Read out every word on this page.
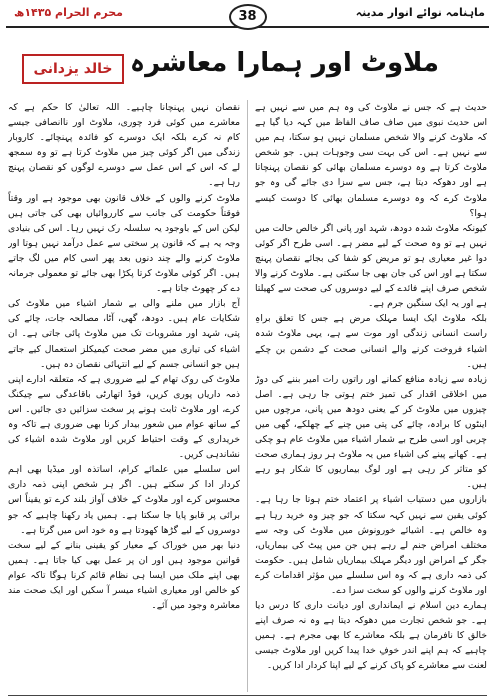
ماہنامہ نوائے انوار مدینہ
38
محرم الحرام ۱۴۳۵ھ
ملاوٹ اور ہمارا معاشرہ
خالد یزدانی

حدیث ہے کہ جس نے ملاوٹ کی وہ ہم میں سے نہیں ہے اس حدیث نبوی میں صاف صاف الفاظ میں کہہ دیا گیا ہے کہ ملاوٹ کرنے والا شخص مسلمان نہیں ہو سکتا، ہم میں سے نہیں ہے۔ اس کی بہت سی وجوہات ہیں۔ جو شخص ملاوٹ کرتا ہے وہ دوسرے مسلمان بھائی کو نقصان پہنچاتا ہے اور دھوکہ دیتا ہے، جس سے سزا دی جائے گی وہ جو ملاوٹ کرے کہ وہ دوسرے مسلمان بھائی کا دوست کیسے ہوا؟

کیونکہ ملاوٹ شدہ دودھ، شہد اور پانی اگر خالص حالت میں نہیں ہے تو وہ صحت کے لیے مضر ہے۔ اسی طرح اگر کوئی دوا غیر معیاری ہو تو مریض کو شفا کی بجائے نقصان پہنچ سکتا ہے اور اس کی جان بھی جا سکتی ہے۔ ملاوٹ کرنے والا شخص صرف اپنے فائدے کے لیے دوسروں کی صحت سے کھیلتا ہے اور یہ ایک سنگین جرم ہے۔

بلکہ ملاوٹ ایک ایسا مہلک مرض ہے جس کا تعلق براہِ راست انسانی زندگی اور موت سے ہے، یہی ملاوٹ شدہ اشیاء فروخت کرنے والے انسانی صحت کے دشمن بن چکے ہیں۔

زیادہ سے زیادہ منافع کمانے اور راتوں رات امیر بننے کی دوڑ میں اخلاقی اقدار کی تمیز ختم ہوتی جا رہی ہے۔ اصل چیزوں میں ملاوٹ کر کے یعنی دودھ میں پانی، مرچوں میں اینٹوں کا برادہ، چائے کی پتی میں چنے کے چھلکے، گھی میں چربی اور اسی طرح بے شمار اشیاء میں ملاوٹ عام ہو چکی ہے۔ کھانے پینے کی اشیاء میں یہ ملاوٹ ہر روز ہماری صحت کو متاثر کر رہی ہے اور لوگ بیماریوں کا شکار ہو رہے ہیں۔

بازاروں میں دستیاب اشیاء پر اعتماد ختم ہوتا جا رہا ہے۔ کوئی یقین سے نہیں کہہ سکتا کہ جو چیز وہ خرید رہا ہے وہ خالص ہے۔ اشیائے خورونوش میں ملاوٹ کی وجہ سے مختلف امراض جنم لے رہے ہیں جن میں پیٹ کی بیماریاں، جگر کے امراض اور دیگر مہلک بیماریاں شامل ہیں۔ حکومت کی ذمہ داری ہے کہ وہ اس سلسلے میں مؤثر اقدامات کرے اور ملاوٹ کرنے والوں کو سخت سزا دے۔

ہمارے دین اسلام نے ایمانداری اور دیانت داری کا درس دیا ہے۔ جو شخص تجارت میں دھوکہ دیتا ہے وہ نہ صرف اپنے خالق کا نافرمان ہے بلکہ معاشرے کا بھی مجرم ہے۔ ہمیں چاہیے کہ ہم اپنے اندر خوفِ خدا پیدا کریں اور ملاوٹ جیسی لعنت سے معاشرے کو پاک کرنے کے لیے اپنا کردار ادا کریں۔

نقصان نہیں پہنچانا چاہیے۔ اللہ تعالیٰ کا حکم ہے کہ معاشرے میں کوئی فرد چوری، ملاوٹ اور ناانصافی جیسے کام نہ کرے بلکہ ایک دوسرے کو فائدہ پہنچائے۔ کاروبار زندگی میں اگر کوئی چیز میں ملاوٹ کرتا ہے تو وہ سمجھ لے کہ اس کے اس عمل سے دوسرے لوگوں کو نقصان پہنچ رہا ہے۔

ملاوٹ کرنے والوں کے خلاف قانون بھی موجود ہے اور وقتاً فوقتاً حکومت کی جانب سے کارروائیاں بھی کی جاتی ہیں لیکن اس کے باوجود یہ سلسلہ رک نہیں رہا۔ اس کی بنیادی وجہ یہ ہے کہ قانون پر سختی سے عمل درآمد نہیں ہوتا اور ملاوٹ کرنے والے چند دنوں بعد پھر اسی کام میں لگ جاتے ہیں۔ اگر کوئی ملاوٹ کرتا پکڑا بھی جائے تو معمولی جرمانہ دے کر چھوٹ جاتا ہے۔

آج بازار میں ملنے والی بے شمار اشیاء میں ملاوٹ کی شکایات عام ہیں۔ دودھ، گھی، آٹا، مصالحہ جات، چائے کی پتی، شہد اور مشروبات تک میں ملاوٹ پائی جاتی ہے۔ ان اشیاء کی تیاری میں مضر صحت کیمیکلز استعمال کیے جاتے ہیں جو انسانی جسم کے لیے انتہائی نقصان دہ ہیں۔

ملاوٹ کی روک تھام کے لیے ضروری ہے کہ متعلقہ ادارے اپنی ذمہ داریاں پوری کریں، فوڈ اتھارٹی باقاعدگی سے چیکنگ کرے، اور ملاوٹ ثابت ہونے پر سخت سزائیں دی جائیں۔ اس کے ساتھ عوام میں شعور بیدار کرنا بھی ضروری ہے تاکہ وہ خریداری کے وقت احتیاط کریں اور ملاوٹ شدہ اشیاء کی نشاندہی کریں۔

اس سلسلے میں علمائے کرام، اساتذہ اور میڈیا بھی اہم کردار ادا کر سکتے ہیں۔ اگر ہر شخص اپنی ذمہ داری محسوس کرے اور ملاوٹ کے خلاف آواز بلند کرے تو یقیناً اس برائی پر قابو پایا جا سکتا ہے۔ ہمیں یاد رکھنا چاہیے کہ جو دوسروں کے لیے گڑھا کھودتا ہے وہ خود اس میں گرتا ہے۔

دنیا بھر میں خوراک کے معیار کو یقینی بنانے کے لیے سخت قوانین موجود ہیں اور ان پر عمل بھی کیا جاتا ہے۔ ہمیں بھی اپنے ملک میں ایسا ہی نظام قائم کرنا ہوگا تاکہ عوام کو خالص اور معیاری اشیاء میسر آ سکیں اور ایک صحت مند معاشرہ وجود میں آئے۔
